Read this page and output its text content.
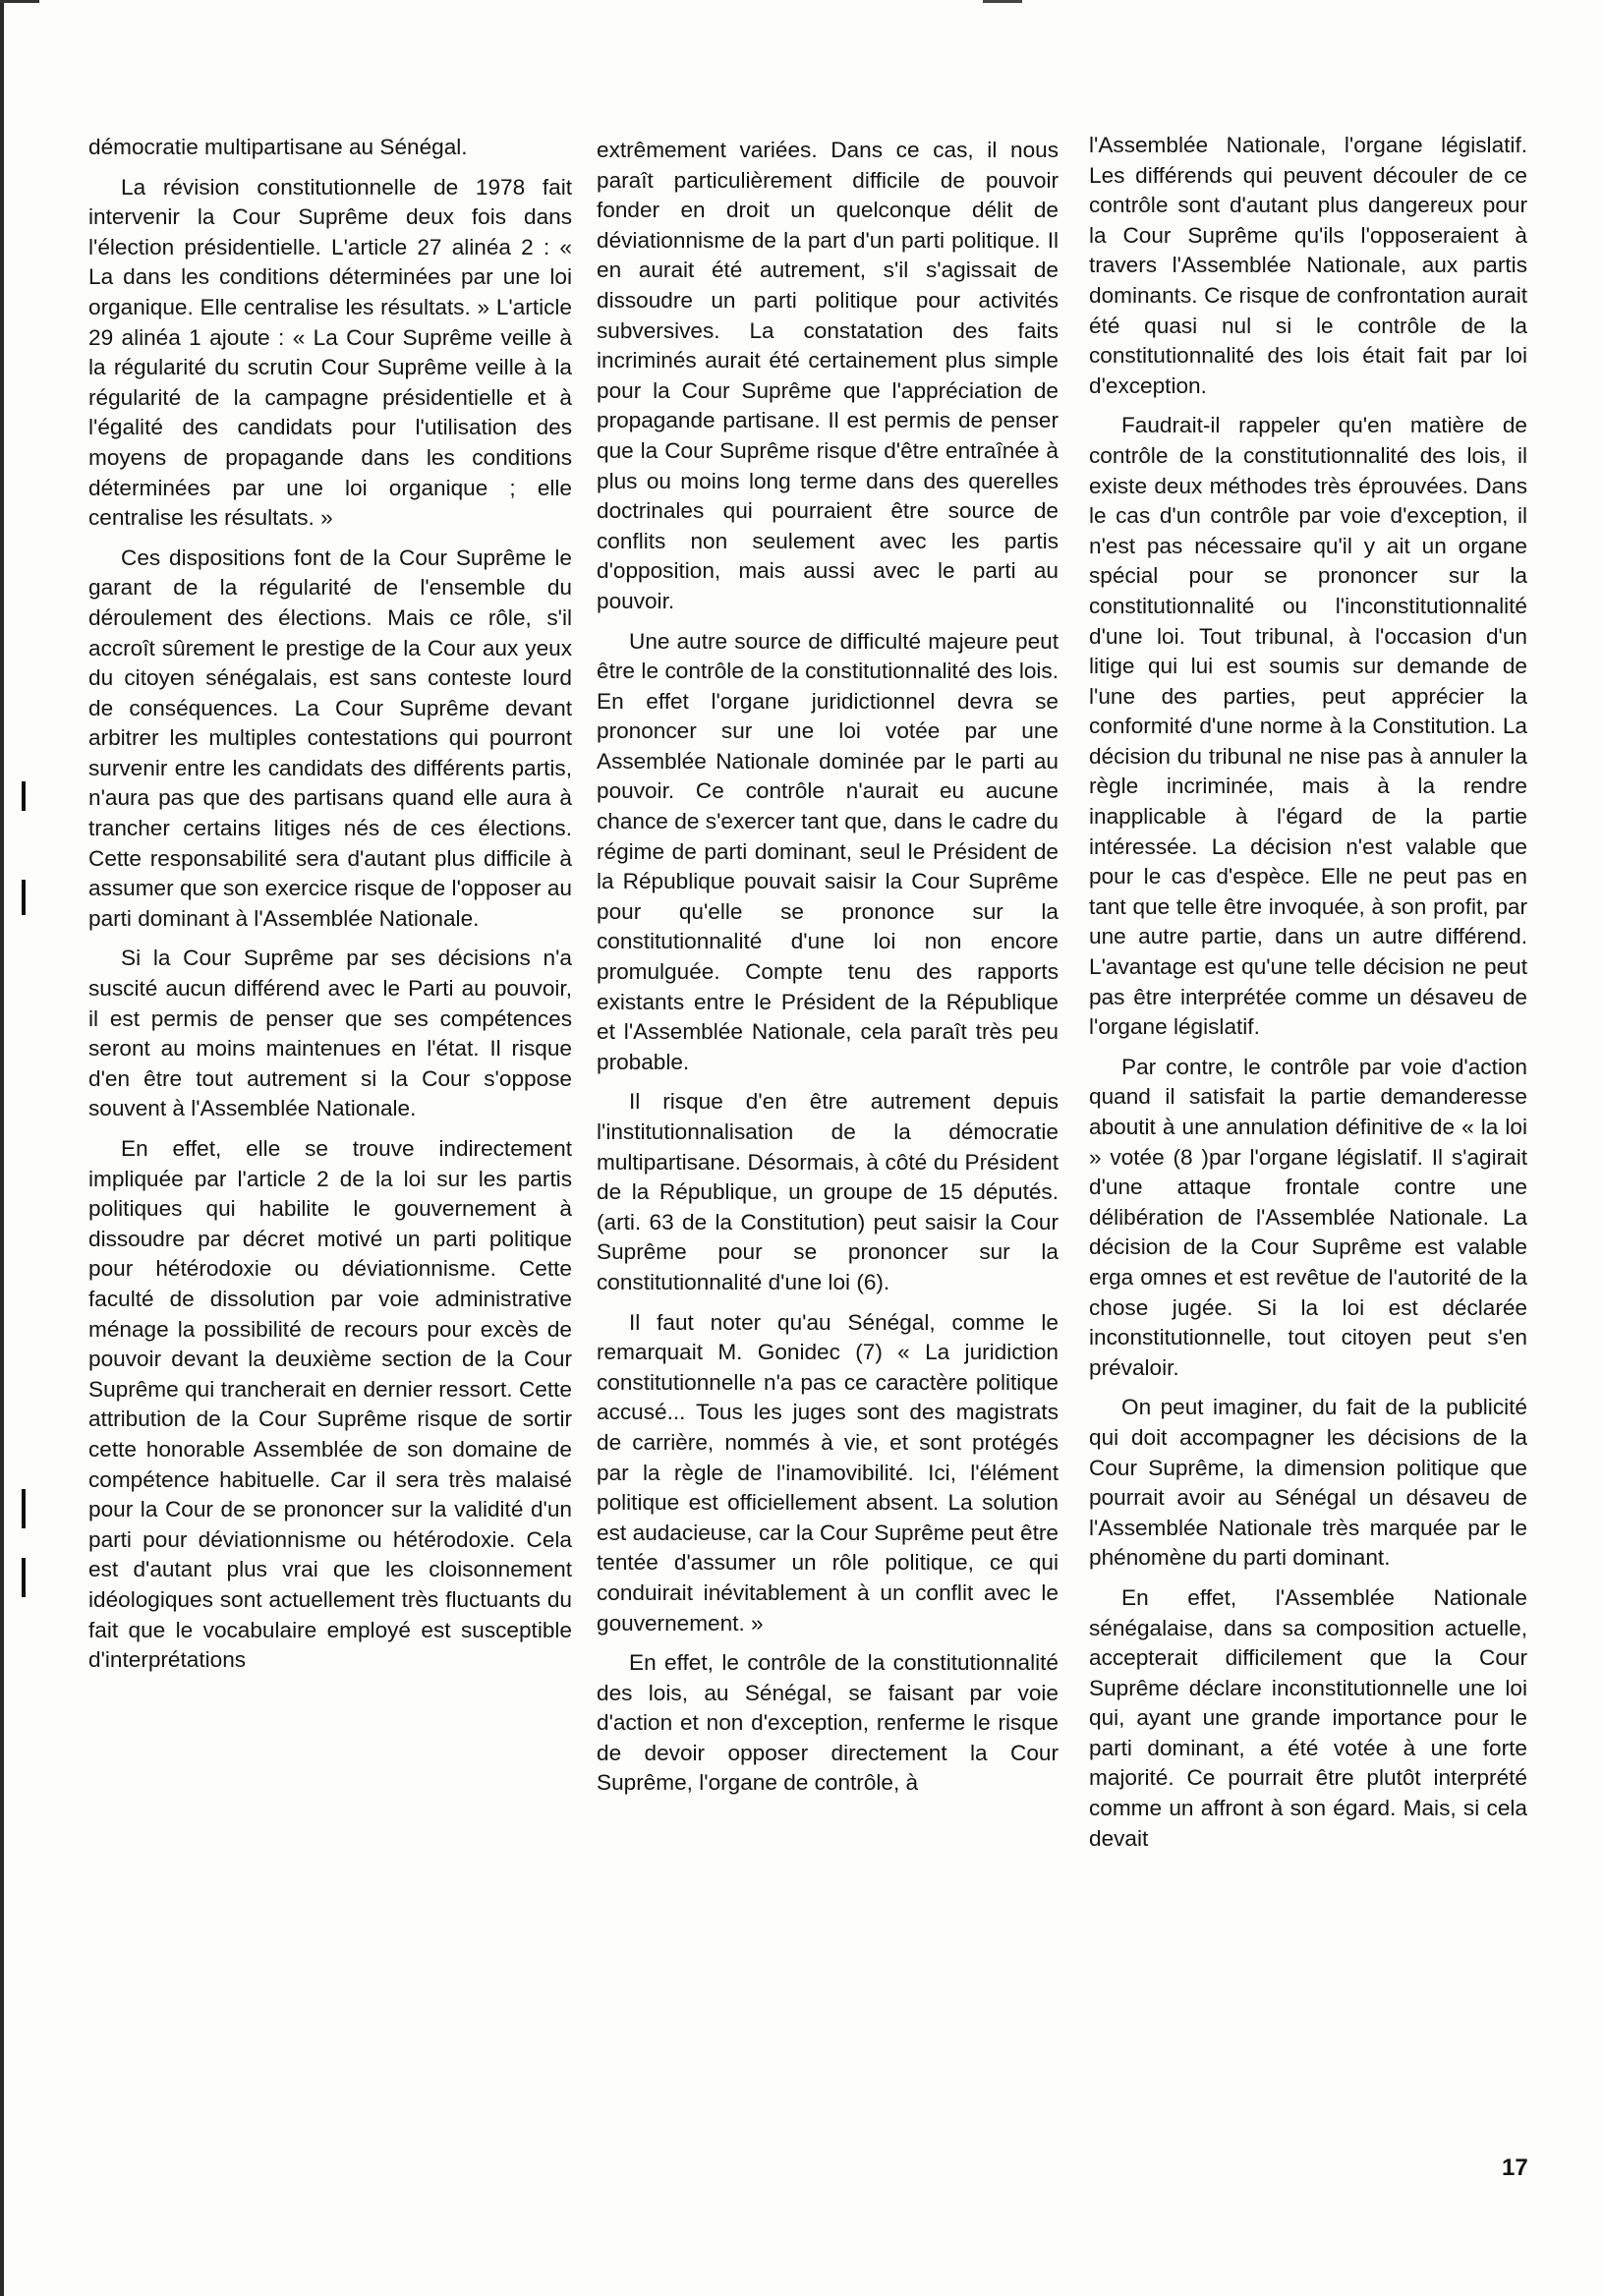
démocratie multipartisane au Sénégal.

La révision constitutionnelle de 1978 fait intervenir la Cour Suprême deux fois dans l'élection présidentielle. L'article 27 alinéa 2 : « La dans les conditions déterminées par une loi organique. Elle centralise les résultats. » L'article 29 alinéa 1 ajoute : « La Cour Suprême veille à la régularité du scrutin Cour Suprême veille à la régularité de la campagne présidentielle et à l'égalité des candidats pour l'utilisation des moyens de propagande dans les conditions déterminées par une loi organique ; elle centralise les résultats. »

Ces dispositions font de la Cour Suprême le garant de la régularité de l'ensemble du déroulement des élections. Mais ce rôle, s'il accroît sûrement le prestige de la Cour aux yeux du citoyen sénégalais, est sans conteste lourd de conséquences. La Cour Suprême devant arbitrer les multiples contestations qui pourront survenir entre les candidats des différents partis, n'aura pas que des partisans quand elle aura à trancher certains litiges nés de ces élections. Cette responsabilité sera d'autant plus difficile à assumer que son exercice risque de l'opposer au parti dominant à l'Assemblée Nationale.

Si la Cour Suprême par ses décisions n'a suscité aucun différend avec le Parti au pouvoir, il est permis de penser que ses compétences seront au moins maintenues en l'état. Il risque d'en être tout autrement si la Cour s'oppose souvent à l'Assemblée Nationale.

En effet, elle se trouve indirectement impliquée par l'article 2 de la loi sur les partis politiques qui habilite le gouvernement à dissoudre par décret motivé un parti politique pour hétérodoxie ou déviationnisme. Cette faculté de dissolution par voie administrative ménage la possibilité de recours pour excès de pouvoir devant la deuxième section de la Cour Suprême qui trancherait en dernier ressort. Cette attribution de la Cour Suprême risque de sortir cette honorable Assemblée de son domaine de compétence habituelle. Car il sera très malaisé pour la Cour de se prononcer sur la validité d'un parti pour déviationnisme ou hétérodoxie. Cela est d'autant plus vrai que les cloisonnement idéologiques sont actuellement très fluctuants du fait que le vocabulaire employé est susceptible d'interprétations

extrêmement variées. Dans ce cas, il nous paraît particulièrement difficile de pouvoir fonder en droit un quelconque délit de déviationnisme de la part d'un parti politique. Il en aurait été autrement, s'il s'agissait de dissoudre un parti politique pour activités subversives. La constatation des faits incriminés aurait été certainement plus simple pour la Cour Suprême que l'appréciation de propagande partisane. Il est permis de penser que la Cour Suprême risque d'être entraînée à plus ou moins long terme dans des querelles doctrinales qui pourraient être source de conflits non seulement avec les partis d'opposition, mais aussi avec le parti au pouvoir.

Une autre source de difficulté majeure peut être le contrôle de la constitutionnalité des lois. En effet l'organe juridictionnel devra se prononcer sur une loi votée par une Assemblée Nationale dominée par le parti au pouvoir. Ce contrôle n'aurait eu aucune chance de s'exercer tant que, dans le cadre du régime de parti dominant, seul le Président de la République pouvait saisir la Cour Suprême pour qu'elle se prononce sur la constitutionnalité d'une loi non encore promulguée. Compte tenu des rapports existants entre le Président de la République et l'Assemblée Nationale, cela paraît très peu probable.

Il risque d'en être autrement depuis l'institutionnalisation de la démocratie multipartisane. Désormais, à côté du Président de la République, un groupe de 15 députés. (arti. 63 de la Constitution) peut saisir la Cour Suprême pour se prononcer sur la constitutionnalité d'une loi (6).

Il faut noter qu'au Sénégal, comme le remarquait M. Gonidec (7) « La juridiction constitutionnelle n'a pas ce caractère politique accusé... Tous les juges sont des magistrats de carrière, nommés à vie, et sont protégés par la règle de l'inamovibilité. Ici, l'élément politique est officiellement absent. La solution est audacieuse, car la Cour Suprême peut être tentée d'assumer un rôle politique, ce qui conduirait inévitablement à un conflit avec le gouvernement. »

En effet, le contrôle de la constitutionnalité des lois, au Sénégal, se faisant par voie d'action et non d'exception, renferme le risque de devoir opposer directement la Cour Suprême, l'organe de contrôle, à

l'Assemblée Nationale, l'organe législatif. Les différends qui peuvent découler de ce contrôle sont d'autant plus dangereux pour la Cour Suprême qu'ils l'opposeraient à travers l'Assemblée Nationale, aux partis dominants. Ce risque de confrontation aurait été quasi nul si le contrôle de la constitutionnalité des lois était fait par loi d'exception.

Faudrait-il rappeler qu'en matière de contrôle de la constitutionnalité des lois, il existe deux méthodes très éprouvées. Dans le cas d'un contrôle par voie d'exception, il n'est pas nécessaire qu'il y ait un organe spécial pour se prononcer sur la constitutionnalité ou l'inconstitutionnalité d'une loi. Tout tribunal, à l'occasion d'un litige qui lui est soumis sur demande de l'une des parties, peut apprécier la conformité d'une norme à la Constitution. La décision du tribunal ne nise pas à annuler la règle incriminée, mais à la rendre inapplicable à l'égard de la partie intéressée. La décision n'est valable que pour le cas d'espèce. Elle ne peut pas en tant que telle être invoquée, à son profit, par une autre partie, dans un autre différend. L'avantage est qu'une telle décision ne peut pas être interprétée comme un désaveu de l'organe législatif.

Par contre, le contrôle par voie d'action quand il satisfait la partie demanderesse aboutit à une annulation définitive de « la loi » votée (8 )par l'organe législatif. Il s'agirait d'une attaque frontale contre une délibération de l'Assemblée Nationale. La décision de la Cour Suprême est valable erga omnes et est revêtue de l'autorité de la chose jugée. Si la loi est déclarée inconstitutionnelle, tout citoyen peut s'en prévaloir.

On peut imaginer, du fait de la publicité qui doit accompagner les décisions de la Cour Suprême, la dimension politique que pourrait avoir au Sénégal un désaveu de l'Assemblée Nationale très marquée par le phénomène du parti dominant.

En effet, l'Assemblée Nationale sénégalaise, dans sa composition actuelle, accepterait difficilement que la Cour Suprême déclare inconstitutionnelle une loi qui, ayant une grande importance pour le parti dominant, a été votée à une forte majorité. Ce pourrait être plutôt interprété comme un affront à son égard. Mais, si cela devait

17
